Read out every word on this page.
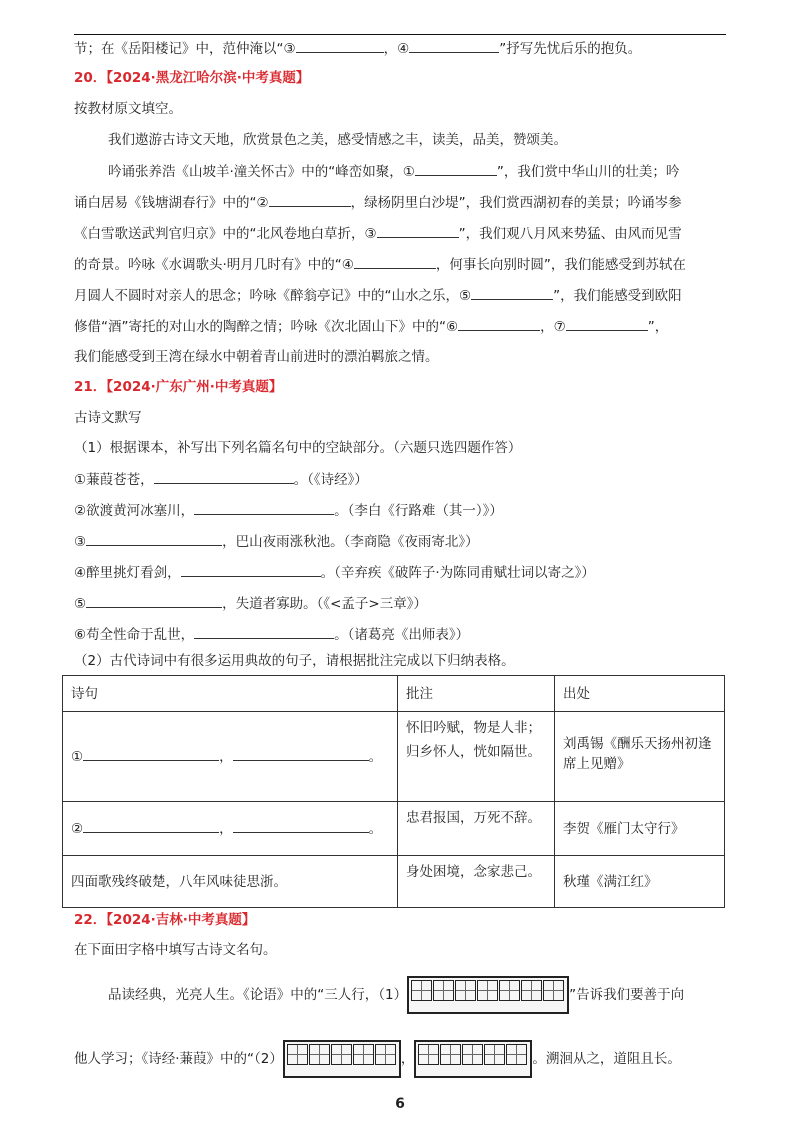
节；在《岳阳楼记》中，范仲淹以“③	，④	”抒写先忧后乐的抱负。
20．【2024·黑龙江哈尔滨·中考真题】
按教材原文填空。
我们遨游古诗文天地，欣赏景色之美，感受情感之丰，读美，品美，赞颂美。
吟诵张养浩《山坡羊·潼关怀古》中的“峰峦如聚，①	”，我们赏中华山川的壮美；吟
诵白居易《钱塘湖春行》中的“②	，绿杨阴里白沙堤”，我们赏西湖初春的美景；吟诵岑参
《白雪歌送武判官归京》中的“北风卷地白草折，③	”，我们观八月风来势猛、由风而见雪
的奇景。吟咏《水调歌头·明月几时有》中的“④	，何事长向别时圆”，我们能感受到苏轼在
月圆人不圆时对亲人的思念；吟咏《醉翁亭记》中的“山水之乐，⑤	”，我们能感受到欧阳
修借“酒”寄托的对山水的陶醉之情；吟咏《次北固山下》中的“⑥	，⑦	”，
我们能感受到王湾在绿水中朝着青山前进时的漂泊羁旅之情。
21．【2024·广东广州·中考真题】
古诗文默写
（1）根据课本，补写出下列名篇名句中的空缺部分。（六题只选四题作答）
①蒹葭苍苍，	。（《诗经》）
②欲渡黄河冰塞川，	。（李白《行路难（其一）》）
③	，巴山夜雨涨秋池。（李商隐《夜雨寄北》）
④醉里挑灯看剑，	。（辛弃疾《破阵子·为陈同甫赋壮词以寄之》）
⑤	，失道者寡助。（《<孟子>三章》）
⑥苟全性命于乱世，	。（诸葛亮《出师表》）
（2）古代诗词中有很多运用典故的句子，请根据批注完成以下归纳表格。
诗句	批注	出处
① ， 。	怀旧吟赋，物是人非；
归乡怀人，恍如隔世。	刘禹锡《酬乐天扬州初逢席上见赠》
② ， 。	忠君报国，万死不辞。	李贺《雁门太守行》
四面歌残终破楚，八年风味徒思浙。	身处困境，念家悲己。	秋瑾《满江红》
22．【2024·吉林·中考真题】
在下面田字格中填写古诗文名句。
品读经典，光亮人生。《论语》中的“三人行，（1）	”告诉我们要善于向
他人学习；《诗经·蒹葭》中的“（2）	，	。溯洄从之，道阻且长。
6
